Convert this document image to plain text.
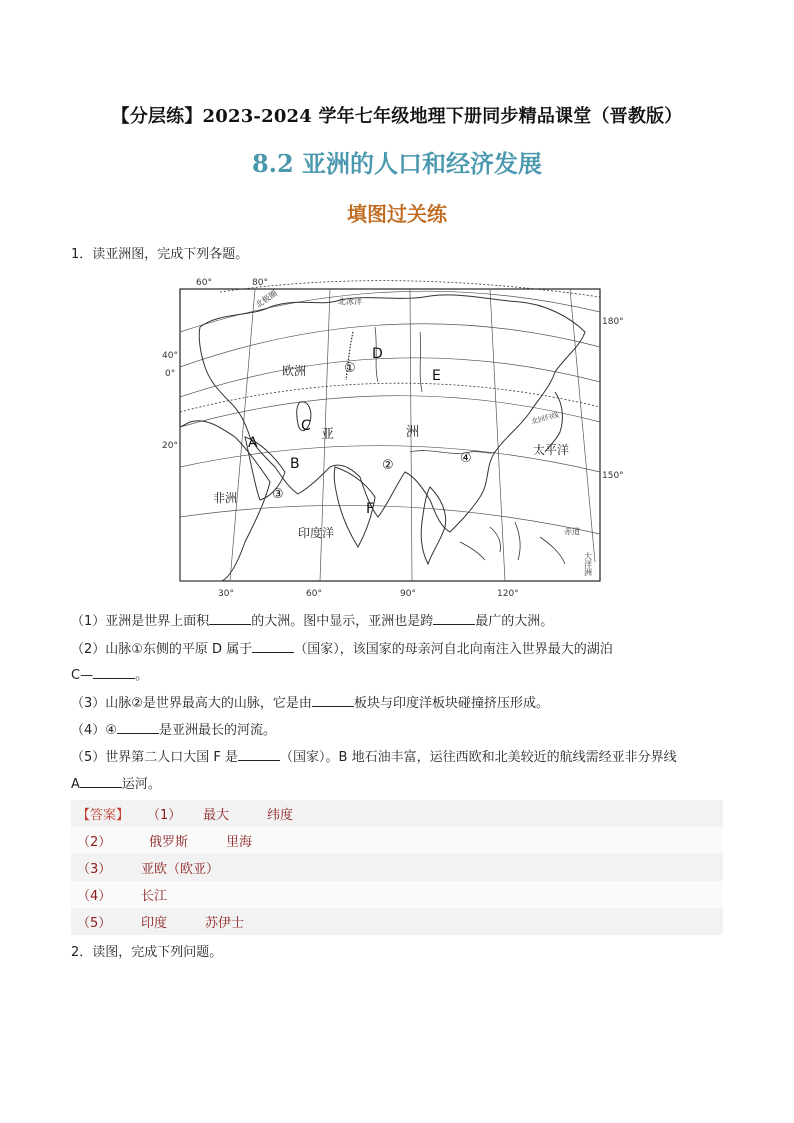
【分层练】2023-2024 学年七年级地理下册同步精品课堂（晋教版）
8.2 亚洲的人口和经济发展
填图过关练
1．读亚洲图，完成下列各题。
60°	80°
30°	60°	90°	120°
40°
0°
20°
180°
150°
北冰洋
北极圈
北回归线
赤道
大洋洲
欧洲
亚	洲
非洲
印度洋
太平洋
A
B
C
D
E
F
①
②
③
④
（1）亚洲是世界上面积	的大洲。图中显示，亚洲也是跨	最广的大洲。
（2）山脉①东侧的平原 D 属于	（国家），该国家的母亲河自北向南注入世界最大的湖泊
C—	。
（3）山脉②是世界最高大的山脉，它是由	板块与印度洋板块碰撞挤压形成。
（4）④	是亚洲最长的河流。
（5）世界第二人口大国 F 是	（国家）。B 地石油丰富，运往西欧和北美较近的航线需经亚非分界线
A	运河。
【答案】	（1）	最大	纬度
（2）	俄罗斯	里海
（3）	亚欧（欧亚）
（4）	长江
（5）	印度	苏伊士
2．读图，完成下列问题。
